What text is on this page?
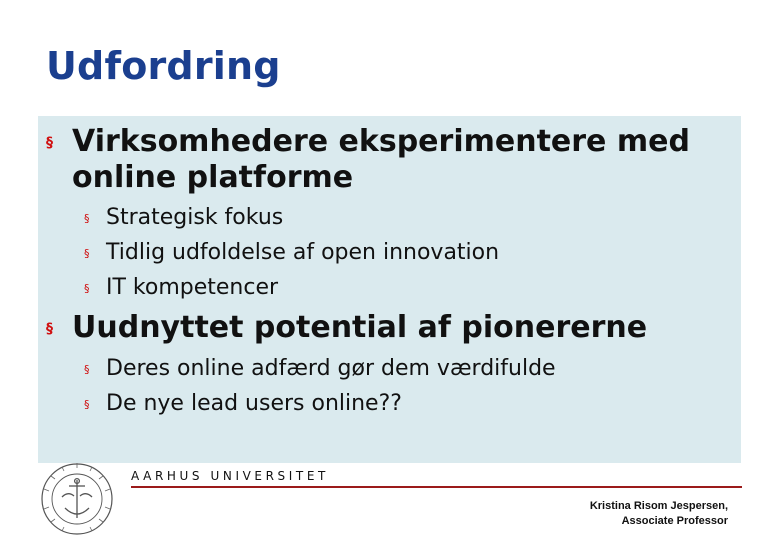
Udfordring
§ Virksomhedere eksperimentere med
online platforme
§ Strategisk fokus
§ Tidlig udfoldelse af open innovation
§ IT kompetencer
§ Uudnyttet potential af pionererne
§ Deres online adfærd gør dem værdifulde
§ De nye lead users online??
AARHUS UNIVERSITET
Kristina Risom Jespersen,
Associate Professor
